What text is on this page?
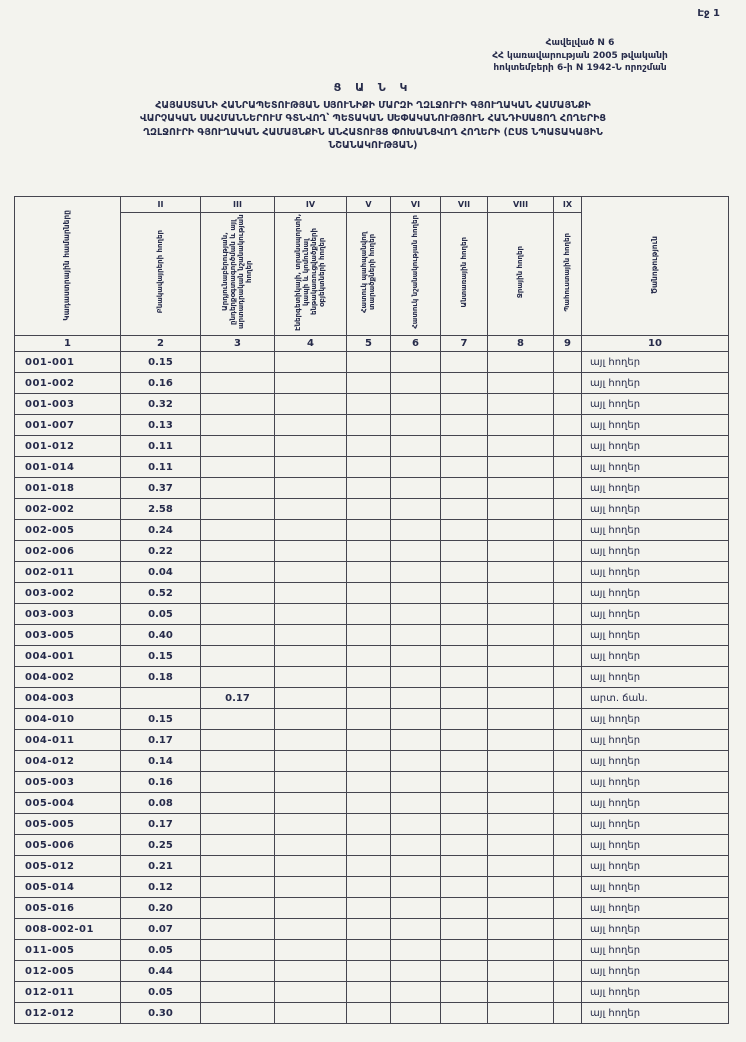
Էջ 1
Հավելված N 6
ՀՀ կառավարության 2005 թվականի
հոկտեմբերի 6-ի N 1942-Ն որոշման
Ց Ա Ն Կ
ՀԱՅԱՍՏԱՆԻ ՀԱՆՐԱՊԵՏՈՒԹՅԱՆ ՍՅՈՒՆԻՔԻ ՄԱՐԶԻ ՂԶԼՋՈՒՐԻ ԳՅՈՒՂԱԿԱՆ ՀԱՄԱՅՆՔԻ
ՎԱՐՉԱԿԱՆ ՍԱՀՄԱՆՆԵՐՈՒՄ ԳՏՆՎՈՂ՝ ՊԵՏԱԿԱՆ ՍԵՓԱԿԱՆՈՒԹՅՈՒՆ ՀԱՆԴԻՍԱՑՈՂ ՀՈՂԵՐԻՑ
ՂԶԼՋՈՒՐԻ ԳՅՈՒՂԱԿԱՆ ՀԱՄԱՅՆՔԻՆ ԱՆՀԱՏՈՒՅՑ ՓՈԽԱՆՑՎՈՂ ՀՈՂԵՐԻ (ԸՍՏ ՆՊԱՏԱԿԱՅԻՆ
ՆՇԱՆԱԿՈՒԹՅԱՆ)
Կադաստրային համարները	II	III	IV	V	VI	VII	VIII	IX	Ծանոթություն
	Բնակավայրերի հողեր	Արդյունաբերության, ընդերքօգտագործման և այլ արտադրական նշանակության հողեր	Էներգետիկայի, տրանսպորտի, կապի և կոմունալ ենթակառուցվածքների օբյեկտների հողեր	Հատուկ պահպանվող տարածքների հողեր	Հատուկ նշանակության հողեր	Անտառային հողեր	Ջրային հողեր	Պահուստային հողեր	
1	2	3	4	5	6	7	8	9	10
001-001	0.15								այլ հողեր
001-002	0.16								այլ հողեր
001-003	0.32								այլ հողեր
001-007	0.13								այլ հողեր
001-012	0.11								այլ հողեր
001-014	0.11								այլ հողեր
001-018	0.37								այլ հողեր
002-002	2.58								այլ հողեր
002-005	0.24								այլ հողեր
002-006	0.22								այլ հողեր
002-011	0.04								այլ հողեր
003-002	0.52								այլ հողեր
003-003	0.05								այլ հողեր
003-005	0.40								այլ հողեր
004-001	0.15								այլ հողեր
004-002	0.18								այլ հողեր
004-003		0.17							արտ. ճան.
004-010	0.15								այլ հողեր
004-011	0.17								այլ հողեր
004-012	0.14								այլ հողեր
005-003	0.16								այլ հողեր
005-004	0.08								այլ հողեր
005-005	0.17								այլ հողեր
005-006	0.25								այլ հողեր
005-012	0.21								այլ հողեր
005-014	0.12								այլ հողեր
005-016	0.20								այլ հողեր
008-002-01	0.07								այլ հողեր
011-005	0.05								այլ հողեր
012-005	0.44								այլ հողեր
012-011	0.05								այլ հողեր
012-012	0.30								այլ հողեր
